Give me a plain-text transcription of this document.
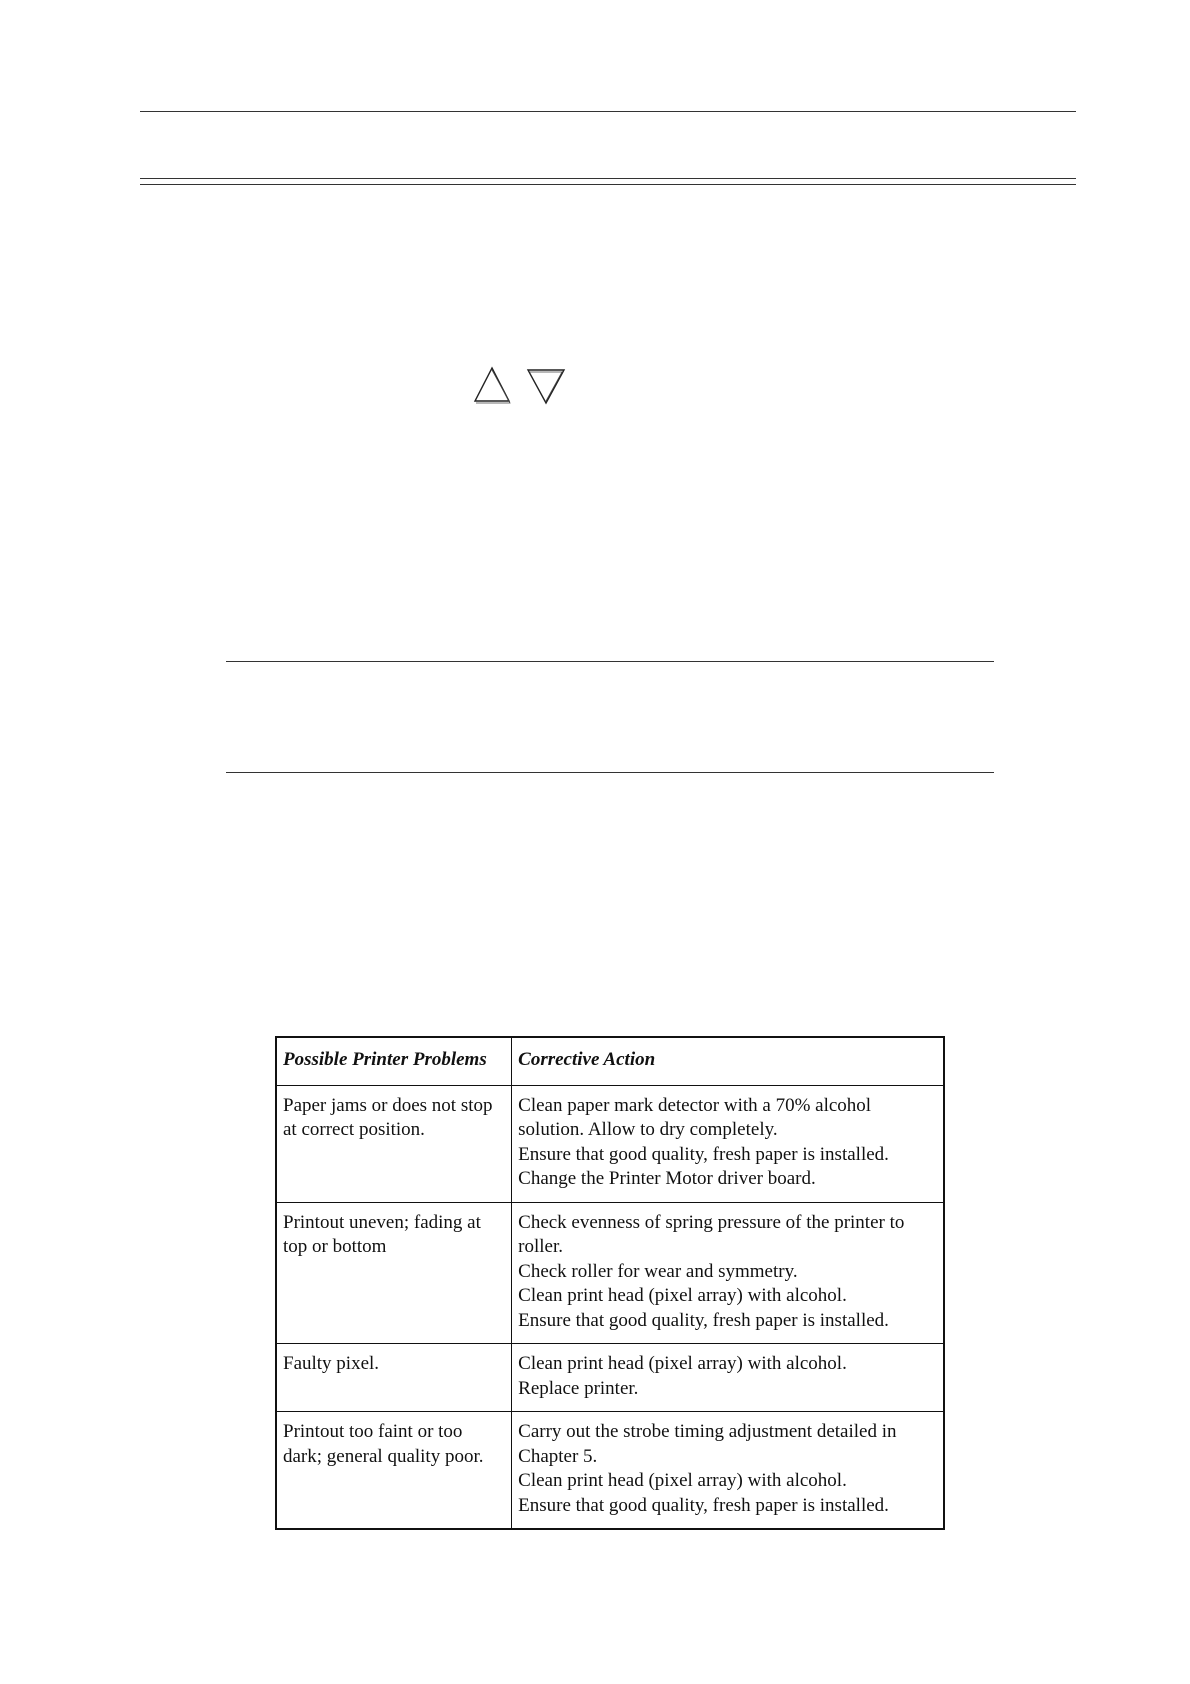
Possible Printer Problems	Corrective Action
Paper jams or does not stop at correct position.	Clean paper mark detector with a 70% alcohol solution. Allow to dry completely.
Ensure that good quality, fresh paper is installed.
Change the Printer Motor driver board.

Printout uneven; fading at top or bottom	Check evenness of spring pressure of the printer to roller.
Check roller for wear and symmetry.
Clean print head (pixel array) with alcohol.
Ensure that good quality, fresh paper is installed.

Faulty pixel.	Clean print head (pixel array) with alcohol.
Replace printer.

Printout too faint or too dark; general quality poor.	Carry out the strobe timing adjustment detailed in Chapter 5.
Clean print head (pixel array) with alcohol.
Ensure that good quality, fresh paper is installed.
